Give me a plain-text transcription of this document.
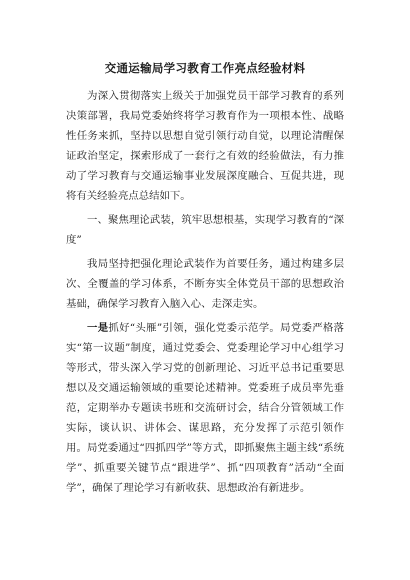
交通运输局学习教育工作亮点经验材料

为深入贯彻落实上级关于加强党员干部学习教育的系列决策部署，我局党委始终将学习教育作为一项根本性、战略性任务来抓，坚持以思想自觉引领行动自觉，以理论清醒保证政治坚定，探索形成了一套行之有效的经验做法，有力推动了学习教育与交通运输事业发展深度融合、互促共进，现将有关经验亮点总结如下。

一、聚焦理论武装，筑牢思想根基，实现学习教育的“深度”

我局坚持把强化理论武装作为首要任务，通过构建多层次、全覆盖的学习体系，不断夯实全体党员干部的思想政治基础，确保学习教育入脑入心、走深走实。

一是抓好“头雁”引领，强化党委示范学。局党委严格落实“第一议题”制度，通过党委会、党委理论学习中心组学习等形式，带头深入学习党的创新理论、习近平总书记重要思想以及交通运输领域的重要论述精神。党委班子成员率先垂范，定期举办专题读书班和交流研讨会，结合分管领域工作实际，谈认识、讲体会、谋思路，充分发挥了示范引领作用。局党委通过“四抓四学”等方式，即抓聚焦主题主线“系统学”、抓重要关键节点“跟进学”、抓“四项教育”活动“全面学”，确保了理论学习有新收获、思想政治有新进步。
